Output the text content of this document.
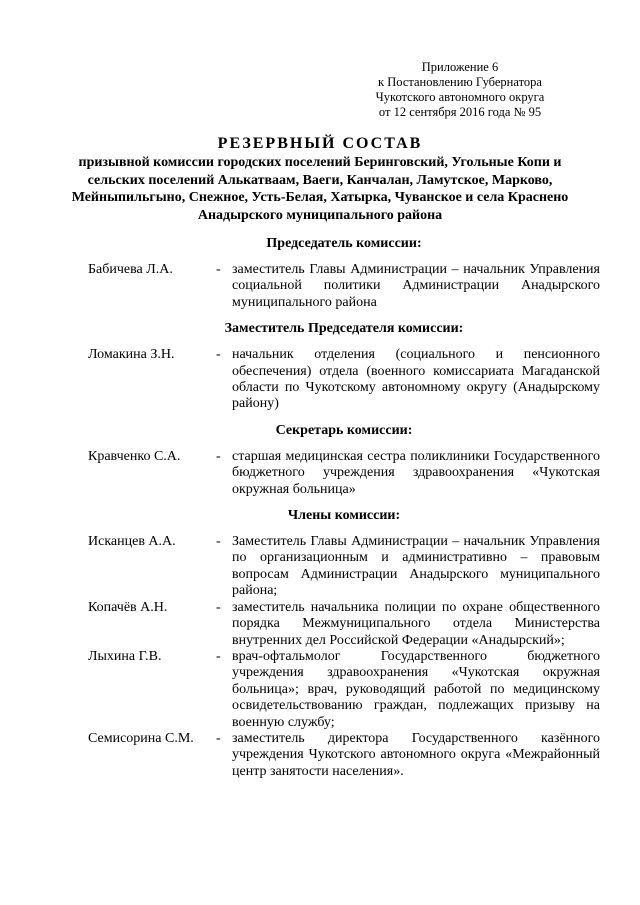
Приложение 6
к Постановлению Губернатора
Чукотского автономного округа
от 12 сентября 2016 года № 95
РЕЗЕРВНЫЙ СОСТАВ
призывной комиссии городских поселений Беринговский, Угольные Копи и сельских поселений Алькатваам, Ваеги, Канчалан, Ламутское, Марково, Мейныпильгыно, Снежное, Усть-Белая, Хатырка, Чуванское и села Краснено Анадырского муниципального района
Председатель комиссии:
Бабичева Л.А.	- заместитель Главы Администрации – начальник Управления социальной политики Администрации Анадырского муниципального района
Заместитель Председателя комиссии:
Ломакина З.Н.	- начальник отделения (социального и пенсионного обеспечения) отдела (военного комиссариата Магаданской области по Чукотскому автономному округу (Анадырскому району)
Секретарь комиссии:
Кравченко С.А.	- старшая медицинская сестра поликлиники Государственного бюджетного учреждения здравоохранения «Чукотская окружная больница»
Члены комиссии:
Исканцев А.А.	- Заместитель Главы Администрации – начальник Управления по организационным и административно – правовым вопросам Администрации Анадырского муниципального района;
Копачёв А.Н.	- заместитель начальника полиции по охране общественного порядка Межмуниципального отдела Министерства внутренних дел Российской Федерации «Анадырский»;
Лыхина Г.В.	- врач-офтальмолог Государственного бюджетного учреждения здравоохранения «Чукотская окружная больница»; врач, руководящий работой по медицинскому освидетельствованию граждан, подлежащих призыву на военную службу;
Семисорина С.М.	- заместитель директора Государственного казённого учреждения Чукотского автономного округа «Межрайонный центр занятости населения».
